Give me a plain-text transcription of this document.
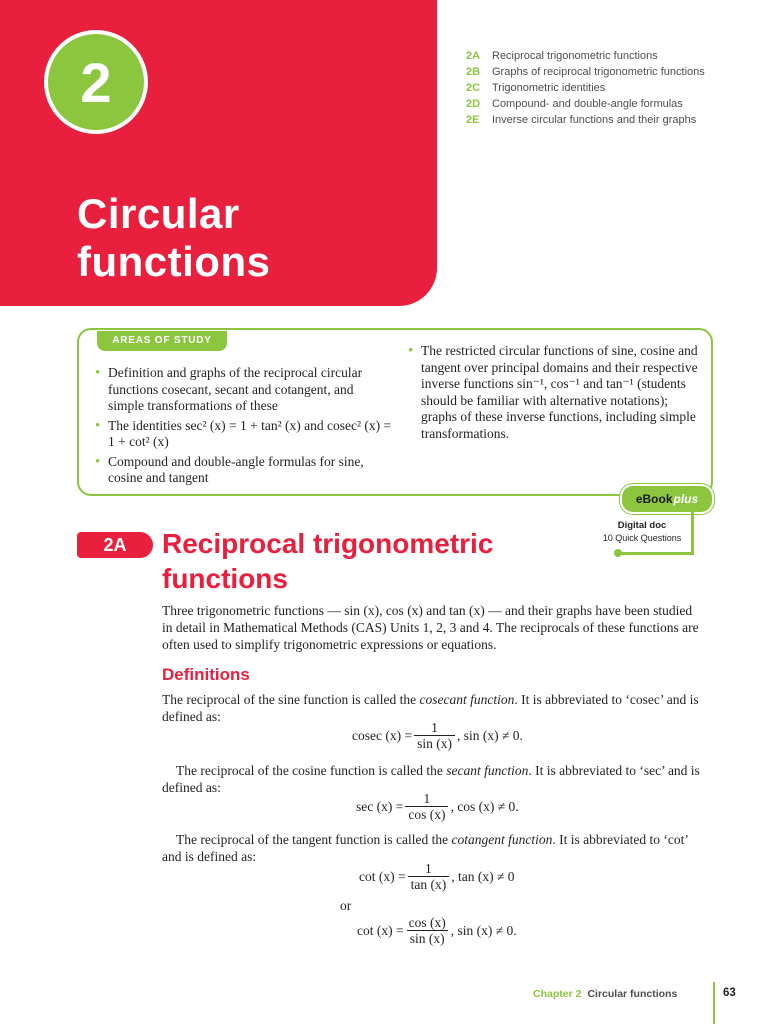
2
Circular
functions
2A	Reciprocal trigonometric functions
2B	Graphs of reciprocal trigonometric functions
2C	Trigonometric identities
2D	Compound- and double-angle formulas
2E	Inverse circular functions and their graphs
AREAS OF STUDY
• Definition and graphs of the reciprocal circular functions cosecant, secant and cotangent, and simple transformations of these
• The identities sec² (x) = 1 + tan² (x) and cosec² (x) = 1 + cot² (x)
• Compound and double-angle formulas for sine, cosine and tangent
• The restricted circular functions of sine, cosine and tangent over principal domains and their respective inverse functions sin⁻¹, cos⁻¹ and tan⁻¹ (students should be familiar with alternative notations); graphs of these inverse functions, including simple transformations.
eBook plus
Digital doc
10 Quick Questions
2A	Reciprocal trigonometric functions
Three trigonometric functions — sin (x), cos (x) and tan (x) — and their graphs have been studied in detail in Mathematical Methods (CAS) Units 1, 2, 3 and 4. The reciprocals of these functions are often used to simplify trigonometric expressions or equations.
Definitions
The reciprocal of the sine function is called the cosecant function. It is abbreviated to ‘cosec’ and is defined as:
cosec $(x) = \frac{1}{\sin (x)}$ , sin (x) ≠ 0.
The reciprocal of the cosine function is called the secant function. It is abbreviated to ‘sec’ and is defined as:
$\sec (x) = \frac{1}{\cos (x)}$ , cos (x) ≠ 0.
The reciprocal of the tangent function is called the cotangent function. It is abbreviated to ‘cot’ and is defined as:
$\cot (x) = \frac{1}{\tan (x)}$ , tan (x) ≠ 0
or
$\cot (x) = \frac{\cos (x)}{\sin (x)}$ , sin (x) ≠ 0.
Chapter 2 Circular functions	63
